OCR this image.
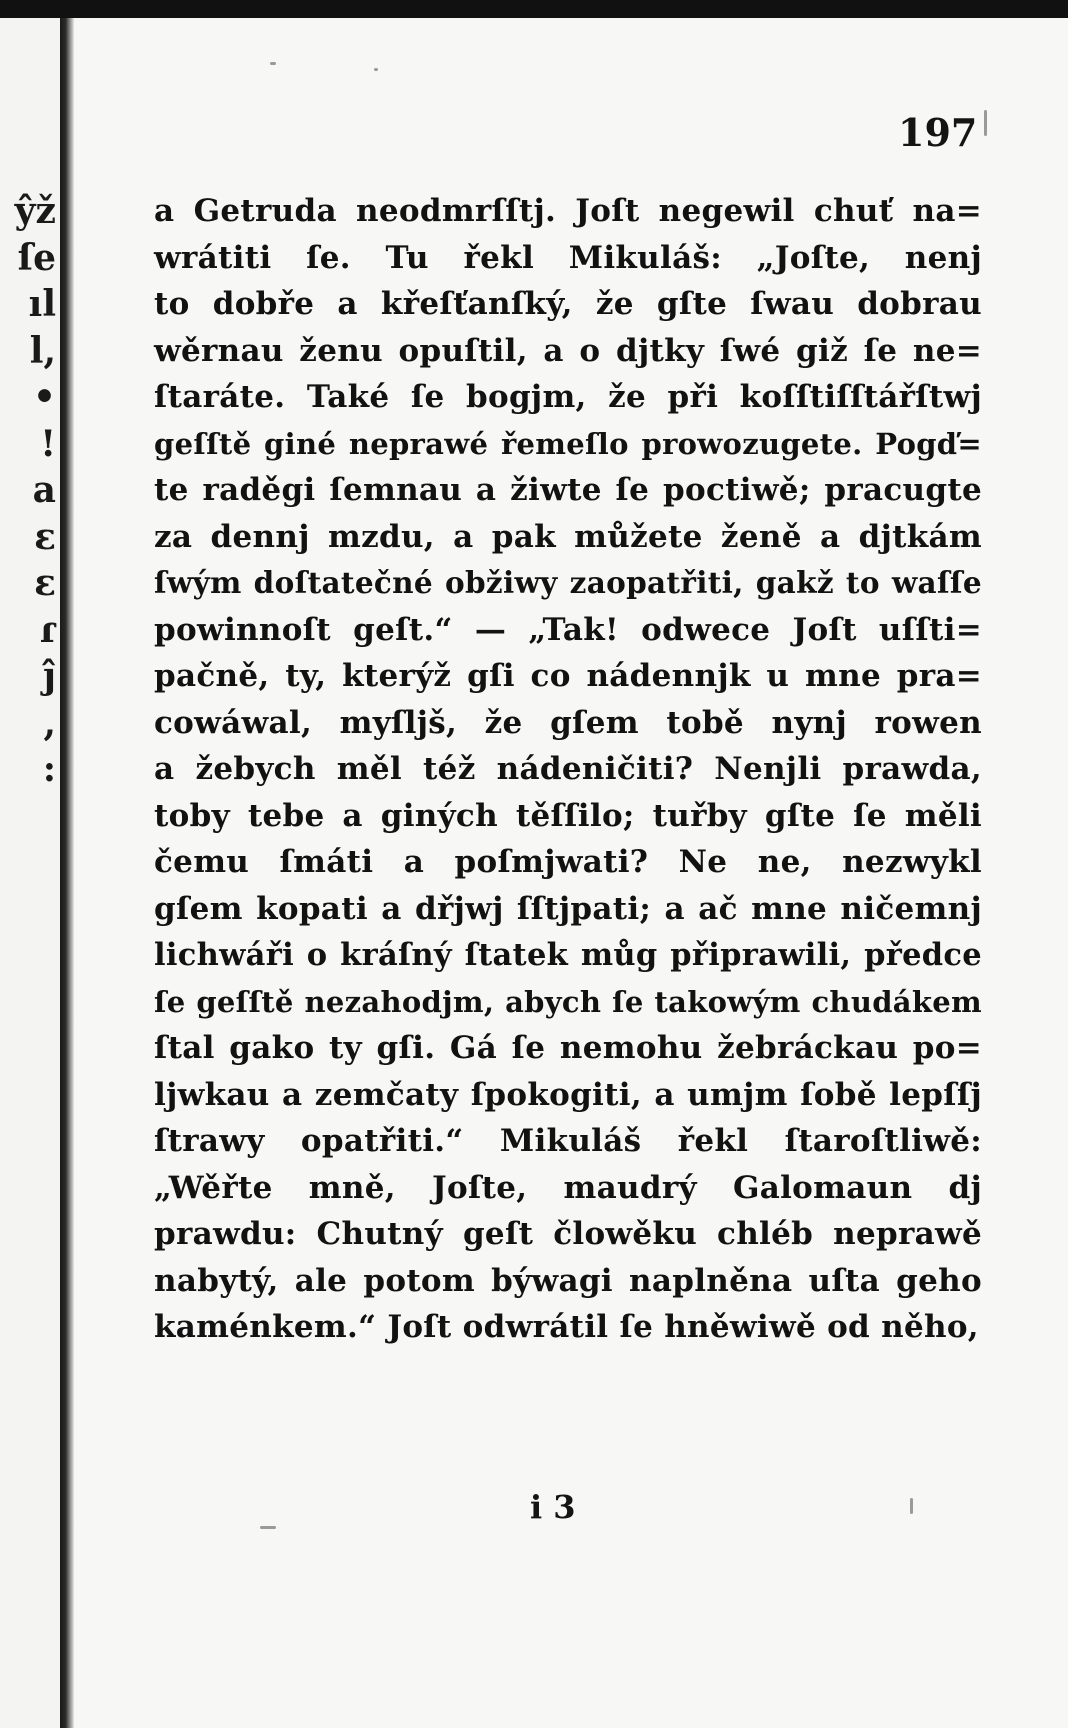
ŷž
ſe
ıl
l,
•
!
a
ɛ
ɛ
ɾ
ĵ
,
:
197
a Getruda neodmrſſtj. Joſt negewil chuť na=
wrátiti ſe. Tu řekl Mikuláš: „Joſte, nenj
to dobře a křeſťanſký, že gſte ſwau dobrau
wěrnau ženu opuſtil, a o djtky ſwé giž ſe ne=
ſtaráte. Také ſe bogjm, že při koſſtiſſtářſtwj
geſſtě giné neprawé řemeſlo prowozugete. Pogď=
te raděgi ſemnau a žiwte ſe poctiwě; pracugte
za dennj mzdu, a pak můžete ženě a djtkám
ſwým doſtatečné obžiwy zaopatřiti, gakž to waſſe
powinnoſt geſt.“ — „Tak! odwece Joſt uſſti=
pačně, ty, kterýž gſi co nádennjk u mne pra=
cowáwal, myſljš, že gſem tobě nynj rowen
a žebych měl též nádeničiti? Nenjli prawda,
toby tebe a giných těſſilo; tuřby gſte ſe měli
čemu ſmáti a poſmjwati? Ne ne, nezwykl
gſem kopati a dřjwj ſſtjpati; a ač mne ničemnj
lichwáři o kráſný ſtatek můg připrawili, předce
ſe geſſtě nezahodjm, abych ſe takowým chudákem
ſtal gako ty gſi. Gá ſe nemohu žebráckau po=
ljwkau a zemčaty ſpokogiti, a umjm ſobě lepſſj
ſtrawy opatřiti.“ Mikuláš řekl ſtaroſtliwě:
„Wěřte mně, Joſte, maudrý Galomaun dj
prawdu: Chutný geſt člowěku chléb neprawě
nabytý, ale potom býwagi naplněna uſta geho
kaménkem.“ Joſt odwrátil ſe hněwiwě od něho,
i 3
